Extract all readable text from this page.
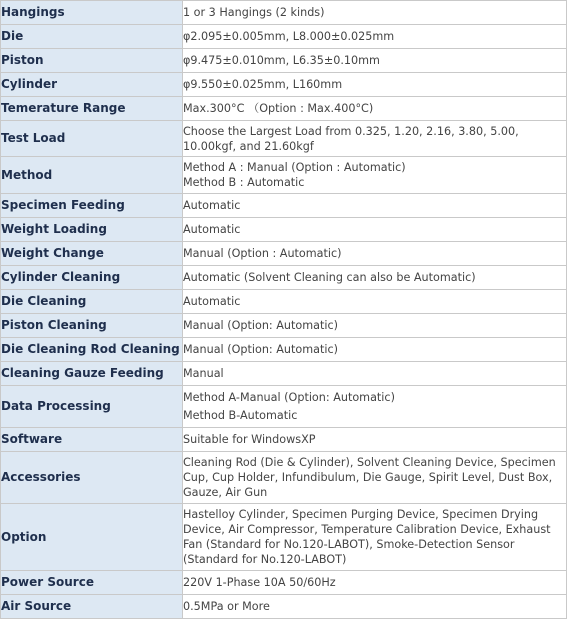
Hangings	1 or 3 Hangings (2 kinds)
Die	φ2.095±0.005mm, L8.000±0.025mm
Piston	φ9.475±0.010mm, L6.35±0.10mm
Cylinder	φ9.550±0.025mm, L160mm
Temerature Range	Max.300°C （Option : Max.400°C)
Test Load	Choose the Largest Load from 0.325, 1.20, 2.16, 3.80, 5.00, 10.00kgf, and 21.60kgf
Method	Method A : Manual (Option : Automatic)
Method B : Automatic
Specimen Feeding	Automatic
Weight Loading	Automatic
Weight Change	Manual (Option : Automatic)
Cylinder Cleaning	Automatic (Solvent Cleaning can also be Automatic)
Die Cleaning	Automatic
Piston Cleaning	Manual (Option: Automatic)
Die Cleaning Rod Cleaning	Manual (Option: Automatic)
Cleaning Gauze Feeding	Manual
Data Processing	Method A-Manual (Option: Automatic)
Method B-Automatic
Software	Suitable for WindowsXP
Accessories	Cleaning Rod (Die & Cylinder), Solvent Cleaning Device, Specimen Cup, Cup Holder, Infundibulum, Die Gauge, Spirit Level, Dust Box, Gauze, Air Gun
Option	Hastelloy Cylinder, Specimen Purging Device, Specimen Drying Device, Air Compressor, Temperature Calibration Device, Exhaust Fan (Standard for No.120-LABOT), Smoke-Detection Sensor (Standard for No.120-LABOT)
Power Source	220V 1-Phase 10A 50/60Hz
Air Source	0.5MPa or More
